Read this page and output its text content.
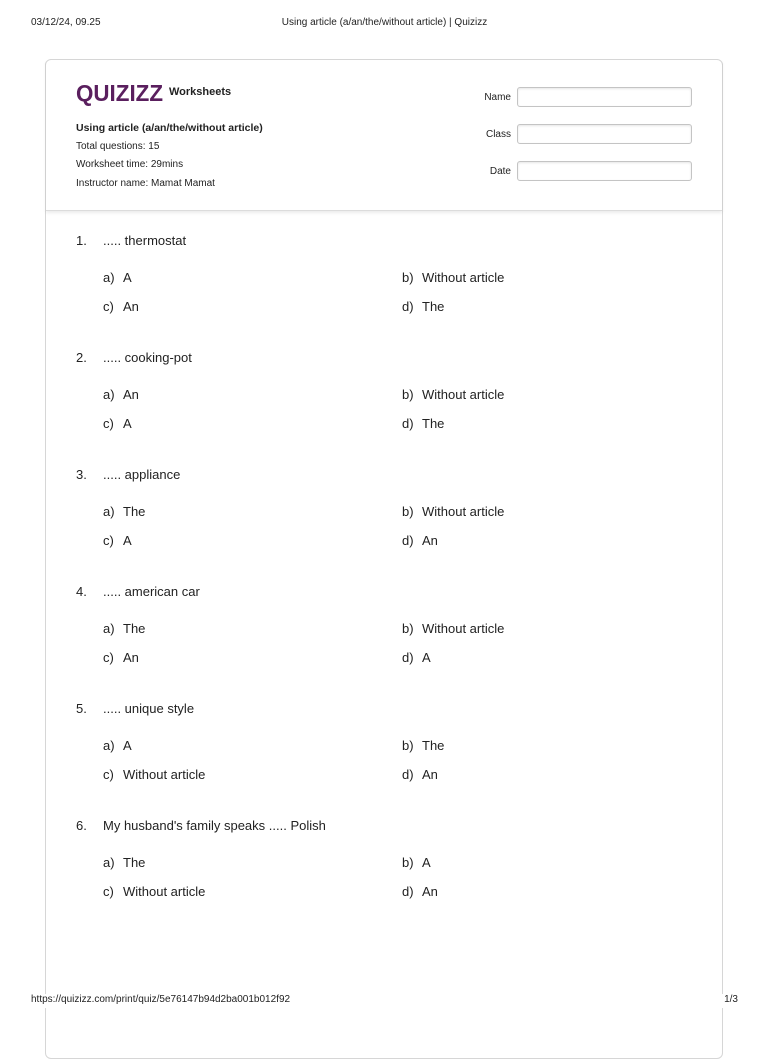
03/12/24, 09.25	Using article (a/an/the/without article) | Quizizz
QUIZIZZ Worksheets
Using article (a/an/the/without article)
Total questions: 15
Worksheet time: 29mins
Instructor name: Mamat Mamat
Name
Class
Date
1. ..... thermostat
a) A	b) Without article
c) An	d) The
2. ..... cooking-pot
a) An	b) Without article
c) A	d) The
3. ..... appliance
a) The	b) Without article
c) A	d) An
4. ..... american car
a) The	b) Without article
c) An	d) A
5. ..... unique style
a) A	b) The
c) Without article	d) An
6. My husband's family speaks ..... Polish
a) The	b) A
c) Without article	d) An
https://quizizz.com/print/quiz/5e76147b94d2ba001b012f92	1/3
